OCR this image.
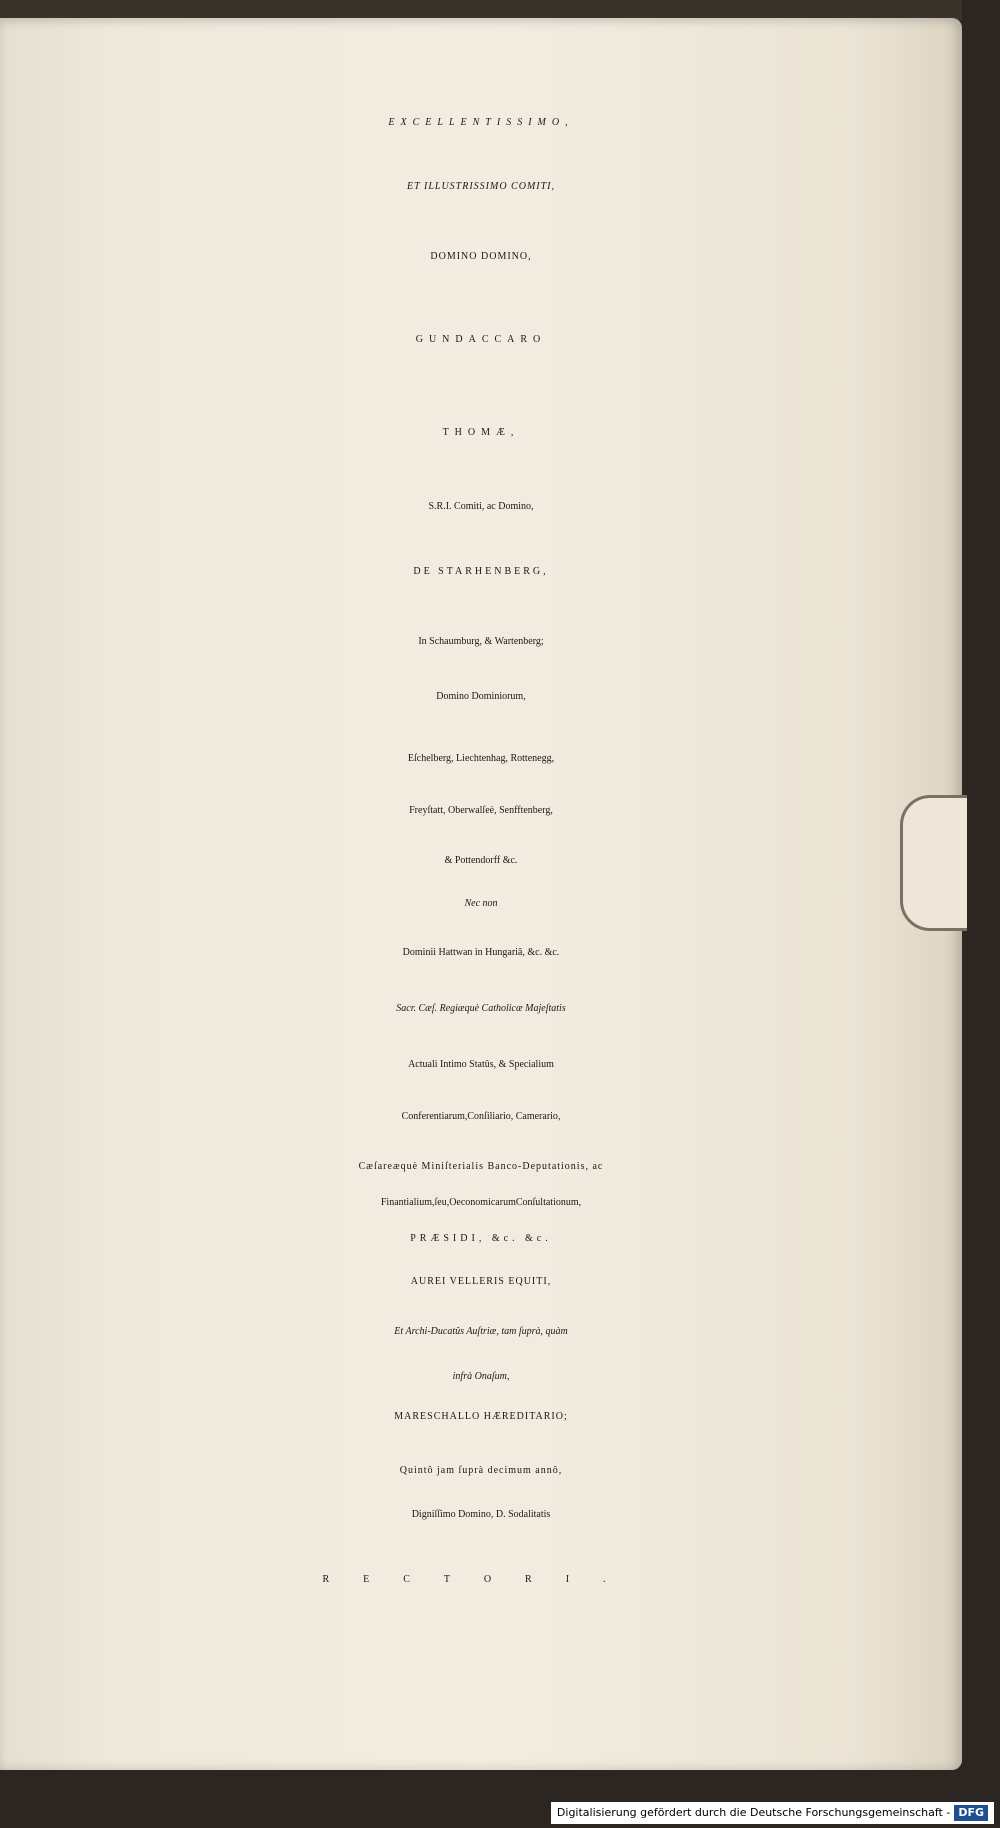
EXCELLENTISSIMO,
ET ILLUSTRISSIMO COMITI,
DOMINO DOMINO,
GUNDACCARO
THOMÆ,
S.R.I. Comiti, ac Domino,
DE STARHENBERG,
In Schaumburg, & Wartenberg;
Domino Dominiorum,
Eſchelberg, Liechtenhag, Rottenegg,
Freyſtatt, Oberwalſeè, Senfftenberg,
& Pottendorff &c.
Nec non
Dominii Hattwan in Hungariâ, &c. &c.
Sacr. Cæſ. Regiæquè Catholicæ Majeſtatis
Actuali Intimo Statûs, & Specialium
Conferentiarum,Conſiliario, Camerario,
Cæſareæquè Miniſterialis Banco-Deputationis, ac
Finantialium,ſeu,OeconomicarumConſultationum,
PRÆSIDI, &c. &c.
AUREI VELLERIS EQUITI,
Et Archi-Ducatûs Auſtriæ, tam ſuprà, quàm
infrà Onaſum,
MARESCHALLO HÆREDITARIO;
Quintô jam ſuprà decimum annô,
Digniſſimo Domino, D. Sodalitatis
RECTORI.
Digitalisierung gefördert durch die Deutsche Forschungsgemeinschaft - DFG
